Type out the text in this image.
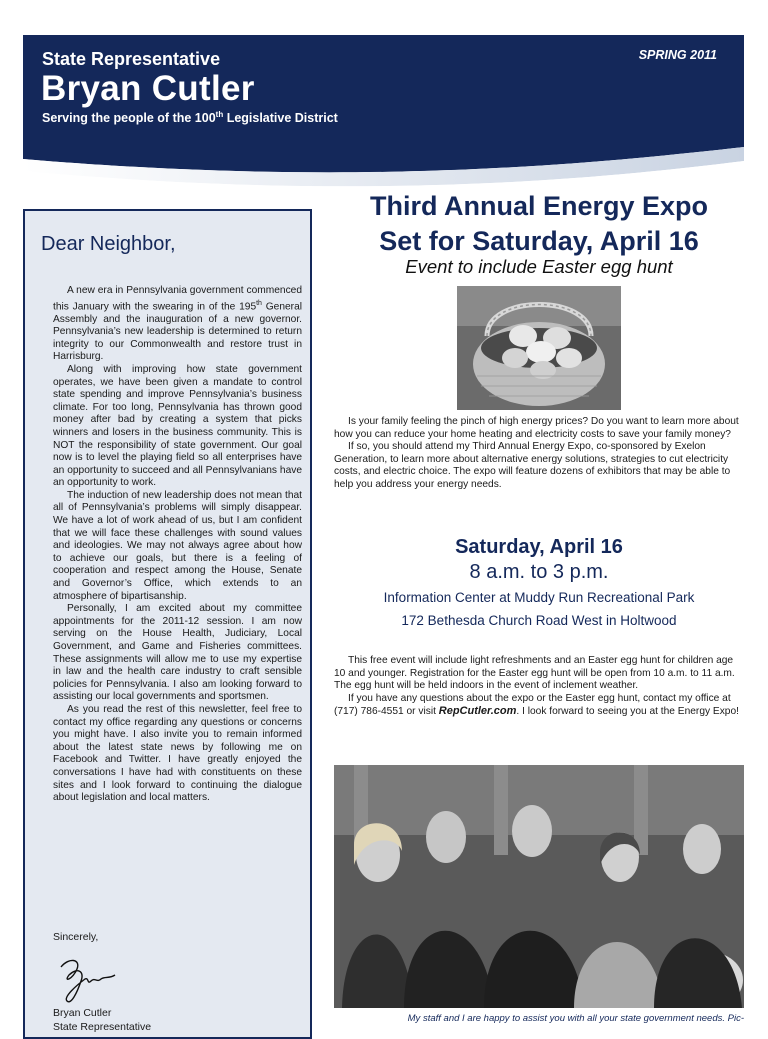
State Representative
Bryan Cutler
Serving the people of the 100th Legislative District
SPRING 2011
Dear Neighbor,

A new era in Pennsylvania government commenced this January with the swearing in of the 195th General Assembly and the inauguration of a new governor. Pennsylvania’s new leadership is determined to return integrity to our Commonwealth and restore trust in Harrisburg.

Along with improving how state government operates, we have been given a mandate to control state spending and improve Pennsylvania’s business climate. For too long, Pennsylvania has thrown good money after bad by creating a system that picks winners and losers in the business community. This is NOT the responsibility of state government. Our goal now is to level the playing field so all enterprises have an opportunity to succeed and all Pennsylvanians have an opportunity to work.

The induction of new leadership does not mean that all of Pennsylvania’s problems will simply disappear. We have a lot of work ahead of us, but I am confident that we will face these challenges with sound values and ideologies. We may not always agree about how to achieve our goals, but there is a feeling of cooperation and respect among the House, Senate and Governor’s Office, which extends to an atmosphere of bipartisanship.

Personally, I am excited about my committee appointments for the 2011-12 session. I am now serving on the House Health, Judiciary, Local Government, and Game and Fisheries committees. These assignments will allow me to use my expertise in law and the health care industry to craft sensible policies for Pennsylvania. I also am looking forward to assisting our local governments and sportsmen.

As you read the rest of this newsletter, feel free to contact my office regarding any questions or concerns you might have. I also invite you to remain informed about the latest state news by following me on Facebook and Twitter. I have greatly enjoyed the conversations I have had with constituents on these sites and I look forward to continuing the dialogue about legislation and local matters.

Sincerely,
Bryan Cutler
State Representative
Third Annual Energy Expo
Set for Saturday, April 16
Event to include Easter egg hunt

Is your family feeling the pinch of high energy prices? Do you want to learn more about how you can reduce your home heating and electricity costs to save your family money?

If so, you should attend my Third Annual Energy Expo, co-sponsored by Exelon Generation, to learn more about alternative energy solutions, strategies to cut electricity costs, and electric choice. The expo will feature dozens of exhibitors that may be able to help you address your energy needs.

Saturday, April 16
8 a.m. to 3 p.m.
Information Center at Muddy Run Recreational Park
172 Bethesda Church Road West in Holtwood

This free event will include light refreshments and an Easter egg hunt for children age 10 and younger. Registration for the Easter egg hunt will be open from 10 a.m. to 11 a.m. The egg hunt will be held indoors in the event of inclement weather.

If you have any questions about the expo or the Easter egg hunt, contact my office at (717) 786-4551 or visit RepCutler.com. I look forward to seeing you at the Energy Expo!

My staff and I are happy to assist you with all your state government needs. Pic-
